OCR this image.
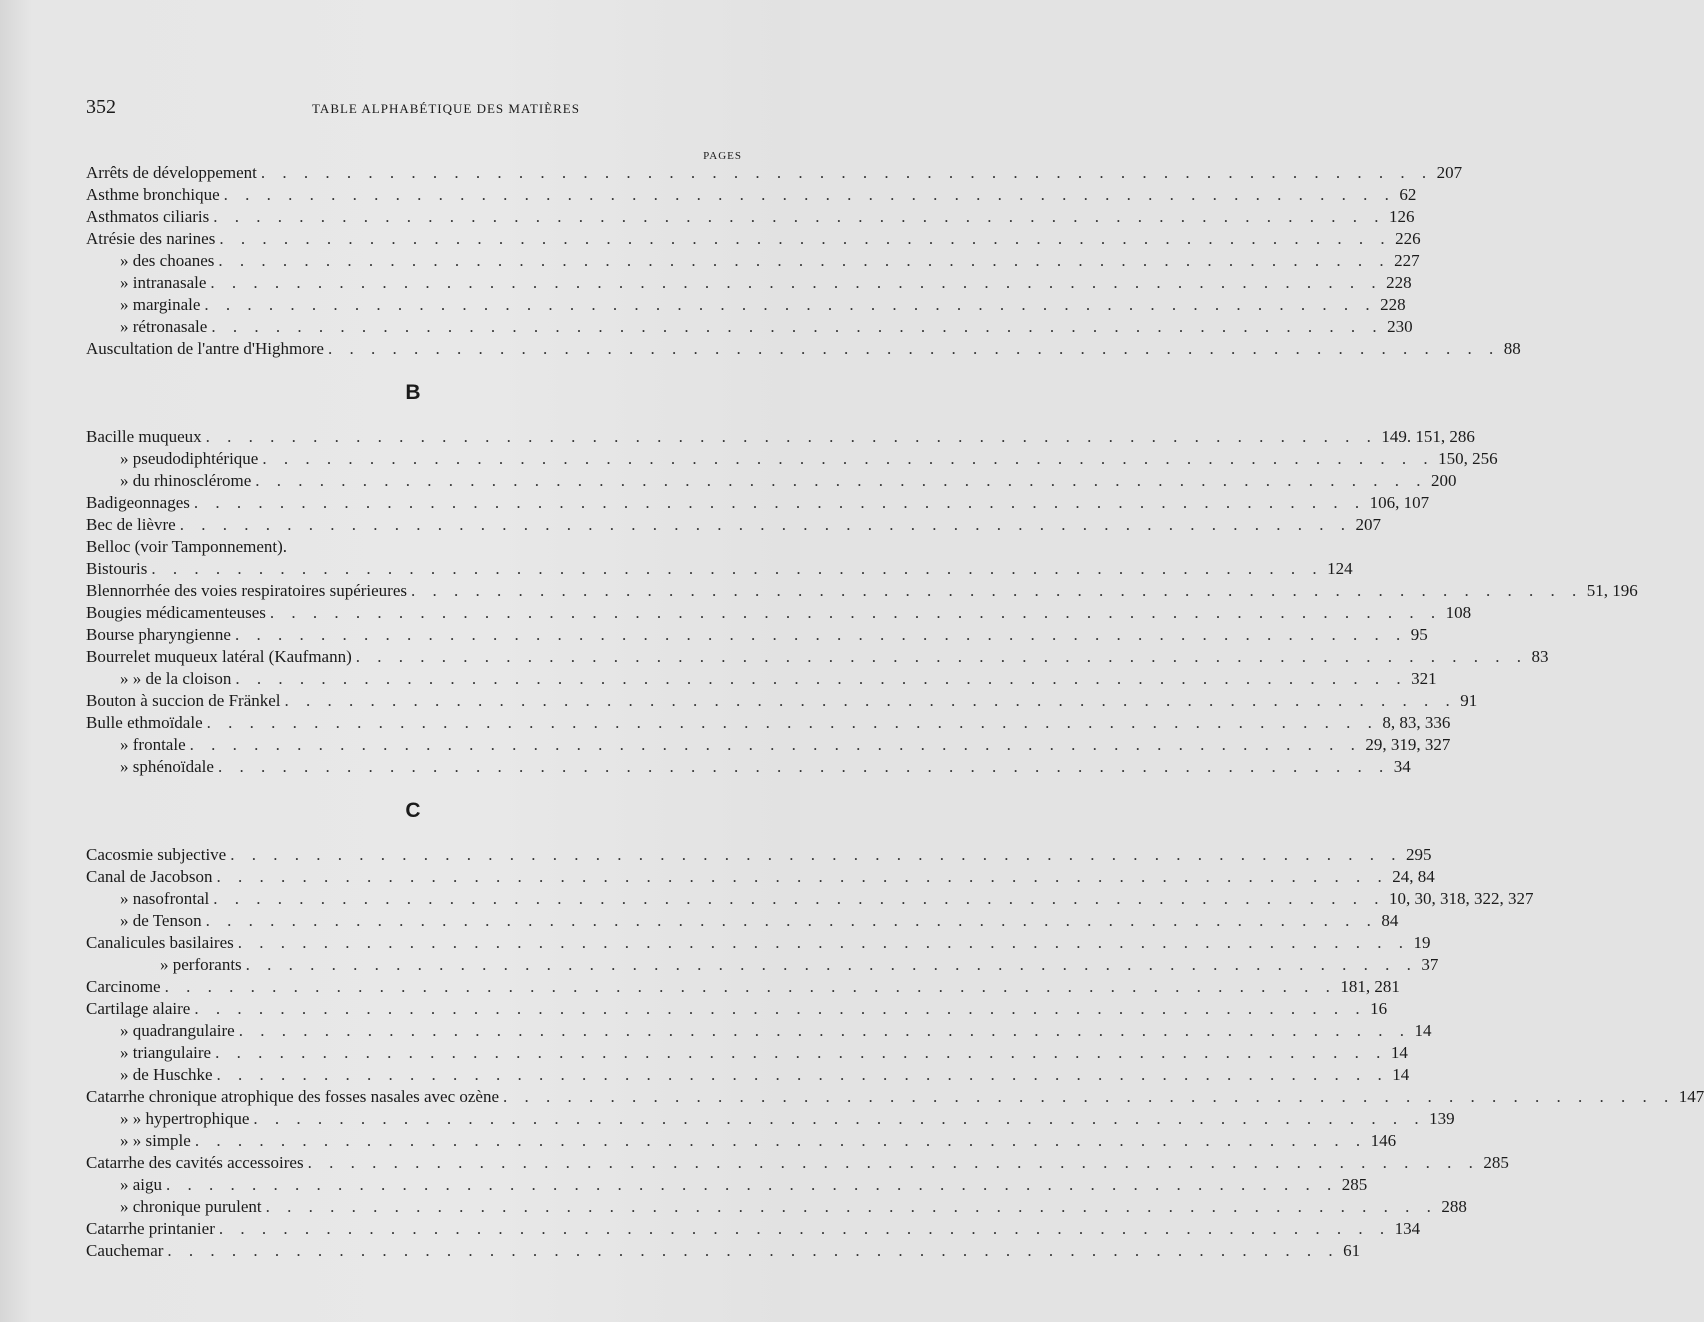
352	TABLE ALPHABÉTIQUE DES MATIÈRES
PAGES
Arrêts de développement . . . . . . . . . . . . . . . . . . . . . . . . . . . . . . . . . . . . . . . . . . . . . . . . . . . . . . . 207
Asthme bronchique . . . . . . . . . . . . . . . . . . . . . . . . . . . . . . . . . . . . . . . . . . . . . . . . . . . . . . . 62
Asthmatos ciliaris . . . . . . . . . . . . . . . . . . . . . . . . . . . . . . . . . . . . . . . . . . . . . . . . . . . . . . . 126
Atrésie des narines . . . . . . . . . . . . . . . . . . . . . . . . . . . . . . . . . . . . . . . . . . . . . . . . . . . . . . . 226
» des choanes . . . . . . . . . . . . . . . . . . . . . . . . . . . . . . . . . . . . . . . . . . . . . . . . . . . . . . . 227
» intranasale . . . . . . . . . . . . . . . . . . . . . . . . . . . . . . . . . . . . . . . . . . . . . . . . . . . . . . . 228
» marginale . . . . . . . . . . . . . . . . . . . . . . . . . . . . . . . . . . . . . . . . . . . . . . . . . . . . . . . 228
» rétronasale . . . . . . . . . . . . . . . . . . . . . . . . . . . . . . . . . . . . . . . . . . . . . . . . . . . . . . . 230
Auscultation de l'antre d'Highmore . . . . . . . . . . . . . . . . . . . . . . . . . . . . . . . . . . . . . . . . . . . . . . . . . . . . . . . 88
B
Bacille muqueux . . . . . . . . . . . . . . . . . . . . . . . . . . . . . . . . . . . . . . . . . . . . . . . . . . . . . . . 149. 151, 286
» pseudodiphtérique . . . . . . . . . . . . . . . . . . . . . . . . . . . . . . . . . . . . . . . . . . . . . . . . . . . . . . . 150, 256
» du rhinosclérome . . . . . . . . . . . . . . . . . . . . . . . . . . . . . . . . . . . . . . . . . . . . . . . . . . . . . . . 200
Badigeonnages . . . . . . . . . . . . . . . . . . . . . . . . . . . . . . . . . . . . . . . . . . . . . . . . . . . . . . . 106, 107
Bec de lièvre . . . . . . . . . . . . . . . . . . . . . . . . . . . . . . . . . . . . . . . . . . . . . . . . . . . . . . . 207
Belloc (voir Tamponnement).
Bistouris . . . . . . . . . . . . . . . . . . . . . . . . . . . . . . . . . . . . . . . . . . . . . . . . . . . . . . . 124
Blennorrhée des voies respiratoires supérieures . . . . . . . . . . . . . . . . . . . . . . . . . . . . . . . . . . . . . . . . . . . . . . . . . . . . . . . 51, 196
Bougies médicamenteuses . . . . . . . . . . . . . . . . . . . . . . . . . . . . . . . . . . . . . . . . . . . . . . . . . . . . . . . 108
Bourse pharyngienne . . . . . . . . . . . . . . . . . . . . . . . . . . . . . . . . . . . . . . . . . . . . . . . . . . . . . . . 95
Bourrelet muqueux latéral (Kaufmann) . . . . . . . . . . . . . . . . . . . . . . . . . . . . . . . . . . . . . . . . . . . . . . . . . . . . . . . 83
» » de la cloison . . . . . . . . . . . . . . . . . . . . . . . . . . . . . . . . . . . . . . . . . . . . . . . . . . . . . . . 321
Bouton à succion de Fränkel . . . . . . . . . . . . . . . . . . . . . . . . . . . . . . . . . . . . . . . . . . . . . . . . . . . . . . . 91
Bulle ethmoïdale . . . . . . . . . . . . . . . . . . . . . . . . . . . . . . . . . . . . . . . . . . . . . . . . . . . . . . . 8, 83, 336
» frontale . . . . . . . . . . . . . . . . . . . . . . . . . . . . . . . . . . . . . . . . . . . . . . . . . . . . . . . 29, 319, 327
» sphénoïdale . . . . . . . . . . . . . . . . . . . . . . . . . . . . . . . . . . . . . . . . . . . . . . . . . . . . . . . 34
C
Cacosmie subjective . . . . . . . . . . . . . . . . . . . . . . . . . . . . . . . . . . . . . . . . . . . . . . . . . . . . . . . 295
Canal de Jacobson . . . . . . . . . . . . . . . . . . . . . . . . . . . . . . . . . . . . . . . . . . . . . . . . . . . . . . . 24, 84
» nasofrontal . . . . . . . . . . . . . . . . . . . . . . . . . . . . . . . . . . . . . . . . . . . . . . . . . . . . . . . 10, 30, 318, 322, 327
» de Tenson . . . . . . . . . . . . . . . . . . . . . . . . . . . . . . . . . . . . . . . . . . . . . . . . . . . . . . . 84
Canalicules basilaires . . . . . . . . . . . . . . . . . . . . . . . . . . . . . . . . . . . . . . . . . . . . . . . . . . . . . . . 19
» perforants . . . . . . . . . . . . . . . . . . . . . . . . . . . . . . . . . . . . . . . . . . . . . . . . . . . . . . . 37
Carcinome . . . . . . . . . . . . . . . . . . . . . . . . . . . . . . . . . . . . . . . . . . . . . . . . . . . . . . . 181, 281
Cartilage alaire . . . . . . . . . . . . . . . . . . . . . . . . . . . . . . . . . . . . . . . . . . . . . . . . . . . . . . . 16
» quadrangulaire . . . . . . . . . . . . . . . . . . . . . . . . . . . . . . . . . . . . . . . . . . . . . . . . . . . . . . . 14
» triangulaire . . . . . . . . . . . . . . . . . . . . . . . . . . . . . . . . . . . . . . . . . . . . . . . . . . . . . . . 14
» de Huschke . . . . . . . . . . . . . . . . . . . . . . . . . . . . . . . . . . . . . . . . . . . . . . . . . . . . . . . 14
Catarrhe chronique atrophique des fosses nasales avec ozène . . . . . . . . . . . . . . . . . . . . . . . . . . . . . . . . . . . . . . . . . . . . . . . . . . . . . . . 147
» » hypertrophique . . . . . . . . . . . . . . . . . . . . . . . . . . . . . . . . . . . . . . . . . . . . . . . . . . . . . . . 139
» » simple . . . . . . . . . . . . . . . . . . . . . . . . . . . . . . . . . . . . . . . . . . . . . . . . . . . . . . . 146
Catarrhe des cavités accessoires . . . . . . . . . . . . . . . . . . . . . . . . . . . . . . . . . . . . . . . . . . . . . . . . . . . . . . . 285
» aigu . . . . . . . . . . . . . . . . . . . . . . . . . . . . . . . . . . . . . . . . . . . . . . . . . . . . . . . 285
» chronique purulent . . . . . . . . . . . . . . . . . . . . . . . . . . . . . . . . . . . . . . . . . . . . . . . . . . . . . . . 288
Catarrhe printanier . . . . . . . . . . . . . . . . . . . . . . . . . . . . . . . . . . . . . . . . . . . . . . . . . . . . . . . 134
Cauchemar . . . . . . . . . . . . . . . . . . . . . . . . . . . . . . . . . . . . . . . . . . . . . . . . . . . . . . . 61
